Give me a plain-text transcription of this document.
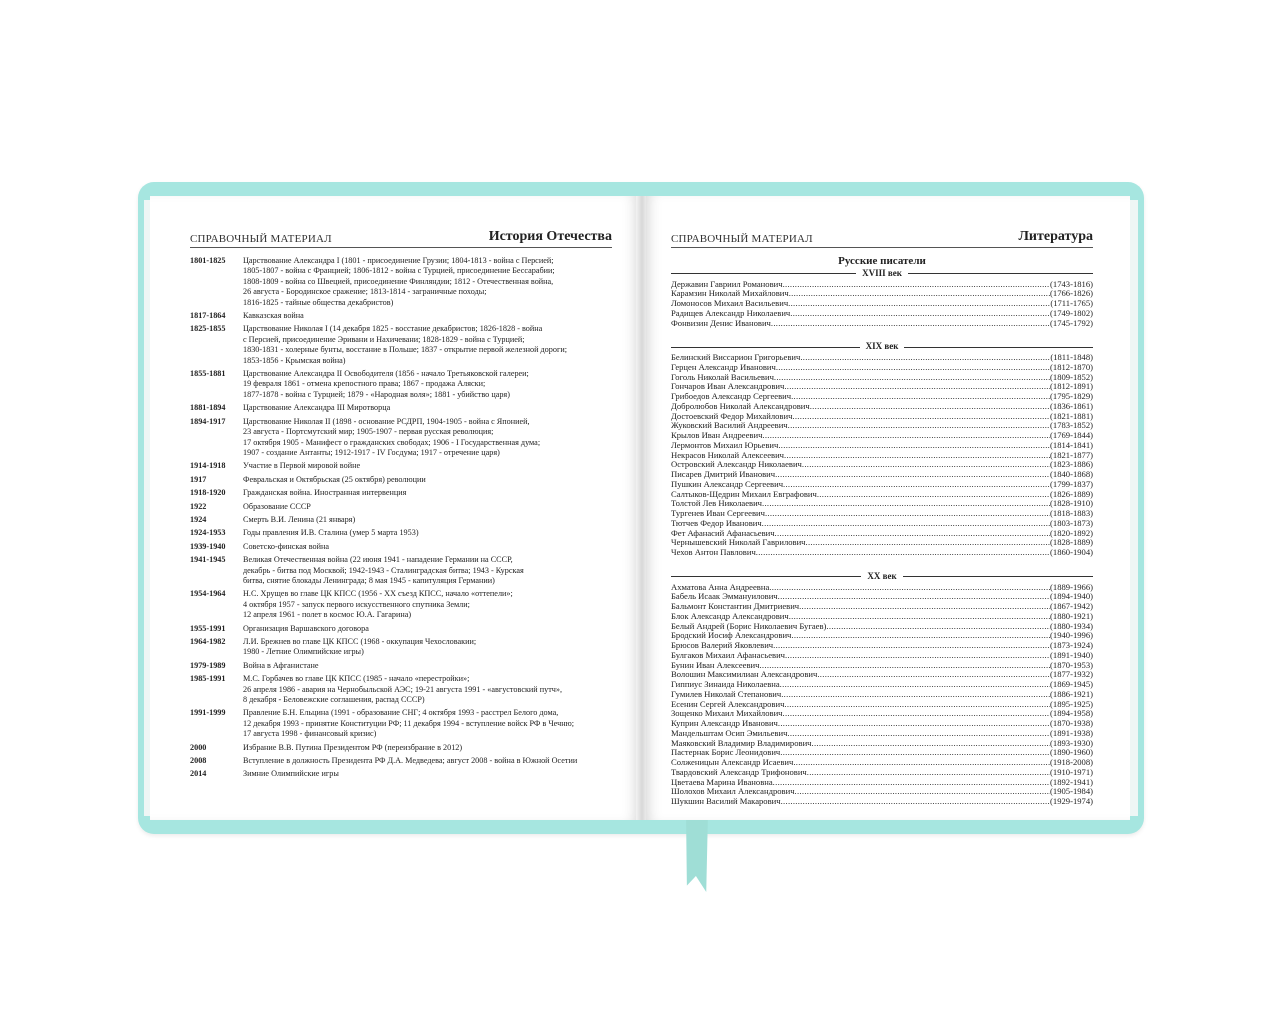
СПРАВОЧНЫЙ МАТЕРИАЛ	История Отечества
1801-1825	Царствование Александра I (1801 - присоединение Грузии; 1804-1813 - война с Персией;
1805-1807 - война с Францией; 1806-1812 - война с Турцией, присоединение Бессарабии;
1808-1809 - война со Швецией, присоединение Финляндии; 1812 - Отечественная война,
26 августа - Бородинское сражение; 1813-1814 - заграничные походы;
1816-1825 - тайные общества декабристов)
1817-1864	Кавказская война
1825-1855	Царствование Николая I (14 декабря 1825 - восстание декабристов; 1826-1828 - война
с Персией, присоединение Эривани и Нахичевани; 1828-1829 - война с Турцией;
1830-1831 - холерные бунты, восстание в Польше; 1837 - открытие первой железной дороги;
1853-1856 - Крымская война)
1855-1881	Царствование Александра II Освободителя (1856 - начало Третьяковской галереи;
19 февраля 1861 - отмена крепостного права; 1867 - продажа Аляски;
1877-1878 - война с Турцией; 1879 - «Народная воля»; 1881 - убийство царя)
1881-1894	Царствование Александра III Миротворца
1894-1917	Царствование Николая II (1898 - основание РСДРП, 1904-1905 - война с Японией,
23 августа - Портсмутский мир; 1905-1907 - первая русская революция;
17 октября 1905 - Манифест о гражданских свободах; 1906 - I Государственная дума;
1907 - создание Антанты; 1912-1917 - IV Госдума; 1917 - отречение царя)
1914-1918	Участие в Первой мировой войне
1917	Февральская и Октябрьская (25 октября) революции
1918-1920	Гражданская война. Иностранная интервенция
1922	Образование СССР
1924	Смерть В.И. Ленина (21 января)
1924-1953	Годы правления И.В. Сталина (умер 5 марта 1953)
1939-1940	Советско-финская война
1941-1945	Великая Отечественная война (22 июня 1941 - нападение Германии на СССР,
декабрь - битва под Москвой; 1942-1943 - Сталинградская битва; 1943 - Курская
битва, снятие блокады Ленинграда; 8 мая 1945 - капитуляция Германии)
1954-1964	Н.С. Хрущев во главе ЦК КПСС (1956 - XX съезд КПСС, начало «оттепели»;
4 октября 1957 - запуск первого искусственного спутника Земли;
12 апреля 1961 - полет в космос Ю.А. Гагарина)
1955-1991	Организация Варшавского договора
1964-1982	Л.И. Брежнев во главе ЦК КПСС (1968 - оккупация Чехословакии;
1980 - Летние Олимпийские игры)
1979-1989	Война в Афганистане
1985-1991	М.С. Горбачев во главе ЦК КПСС (1985 - начало «перестройки»;
26 апреля 1986 - авария на Чернобыльской АЭС; 19-21 августа 1991 - «августовский путч»,
8 декабря - Беловежские соглашения, распад СССР)
1991-1999	Правление Б.Н. Ельцина (1991 - образование СНГ; 4 октября 1993 - расстрел Белого дома,
12 декабря 1993 - принятие Конституции РФ; 11 декабря 1994 - вступление войск РФ в Чечню;
17 августа 1998 - финансовый кризис)
2000	Избрание В.В. Путина Президентом РФ (переизбрание в 2012)
2008	Вступление в должность Президента РФ Д.А. Медведева; август 2008 - война в Южной Осетии
2014	Зимние Олимпийские игры
СПРАВОЧНЫЙ МАТЕРИАЛ	Литература
Русские писатели
XVIII век
Державин Гавриил Романович .....	(1743-1816)
Карамзин Николай Михайлович .....	(1766-1826)
Ломоносов Михаил Васильевич .....	(1711-1765)
Радищев Александр Николаевич .....	(1749-1802)
Фонвизин Денис Иванович .....	(1745-1792)
XIX век
Белинский Виссарион Григорьевич .....	(1811-1848)
Герцен Александр Иванович .....	(1812-1870)
Гоголь Николай Васильевич .....	(1809-1852)
Гончаров Иван Александрович .....	(1812-1891)
Грибоедов Александр Сергеевич .....	(1795-1829)
Добролюбов Николай Александрович .....	(1836-1861)
Достоевский Федор Михайлович .....	(1821-1881)
Жуковский Василий Андреевич .....	(1783-1852)
Крылов Иван Андреевич .....	(1769-1844)
Лермонтов Михаил Юрьевич .....	(1814-1841)
Некрасов Николай Алексеевич .....	(1821-1877)
Островский Александр Николаевич .....	(1823-1886)
Писарев Дмитрий Иванович .....	(1840-1868)
Пушкин Александр Сергеевич .....	(1799-1837)
Салтыков-Щедрин Михаил Евграфович .....	(1826-1889)
Толстой Лев Николаевич .....	(1828-1910)
Тургенев Иван Сергеевич .....	(1818-1883)
Тютчев Федор Иванович .....	(1803-1873)
Фет Афанасий Афанасьевич .....	(1820-1892)
Чернышевский Николай Гаврилович .....	(1828-1889)
Чехов Антон Павлович .....	(1860-1904)
XX век
Ахматова Анна Андреевна .....	(1889-1966)
Бабель Исаак Эммануилович .....	(1894-1940)
Бальмонт Константин Дмитриевич .....	(1867-1942)
Блок Александр Александрович .....	(1880-1921)
Белый Андрей (Борис Николаевич Бугаев) .....	(1880-1934)
Бродский Иосиф Александрович .....	(1940-1996)
Брюсов Валерий Яковлевич .....	(1873-1924)
Булгаков Михаил Афанасьевич .....	(1891-1940)
Бунин Иван Алексеевич .....	(1870-1953)
Волошин Максимилиан Александрович .....	(1877-1932)
Гиппиус Зинаида Николаевна .....	(1869-1945)
Гумилев Николай Степанович .....	(1886-1921)
Есенин Сергей Александрович .....	(1895-1925)
Зощенко Михаил Михайлович .....	(1894-1958)
Куприн Александр Иванович .....	(1870-1938)
Мандельштам Осип Эмильевич .....	(1891-1938)
Маяковский Владимир Владимирович .....	(1893-1930)
Пастернак Борис Леонидович .....	(1890-1960)
Солженицын Александр Исаевич .....	(1918-2008)
Твардовский Александр Трифонович .....	(1910-1971)
Цветаева Марина Ивановна .....	(1892-1941)
Шолохов Михаил Александрович .....	(1905-1984)
Шукшин Василий Макарович .....	(1929-1974)
